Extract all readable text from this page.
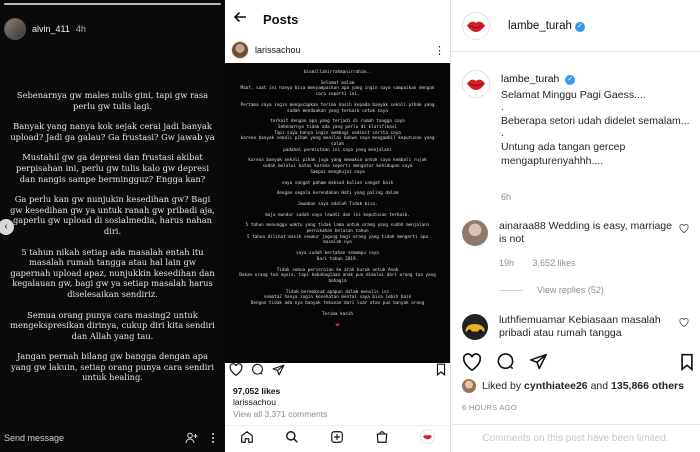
alvin_411 4h

Sebenarnya gw males nulis gini, tapi gw rasa perlu gw tulis lagi.

Banyak yang nanya kok sejak cerai jadi banyak upload? Jadi ga galau? Ga frustasi? Gw jawab ya

Mustahil gw ga depresi dan frustasi akibat perpisahan ini, perlu gw tulis kalo gw depresi dan nangis sampe bermingguz? Engga kan?

Ga perlu kan gw nunjukin kesedihan gw? Bagi gw kesedihan gw ya untuk ranah gw pribadi aja, gaperlu gw upload di sosialmedia, harus nahan diri.

5 tahun nikah setiap ada masalah entah itu masalah rumah tangga atau hal lain gw gapernah upload apaz, nunjukkin kesedihan dan kegalauan gw, bagi gw ya setiap masalah harus diselesaikan sendiriz.

Semua orang punya cara masing2 untuk mengekspresikan dirinya, cukup diri kita sendiri dan Allah yang tau.

Jangan pernah bilang gw bangga dengan apa yang gw lakuin, setiap orang punya cara sendiri untuk healing.

‹
Send message
Posts
larissachou	⋮

bismillahirrahmanirrahim..

Selamat malam
Maaf, saat ini hanya bisa menyampaikan apa yang ingin saya sampaikan dengan cara seperti ini.

Pertama saya ingin mengucapkan terima kasih kepada banyak sekali pihak yang sudah mendoakan yang terbaik untuk saya

terkait dengan apa yang terjadi di rumah tangga saya
Sebenarnya tidak ada yang perlu di klarifikasi
Tapi saya hanya ingin membagi sedikit cerita saya
karena banyak sekali pihak yang menilai bahwa saya mengambil keputusan yang salah
padahal permintaan ini saya yang menjalani

karena banyak sekali pihak juga yang memaksa untuk saya kembali rujuk
sudah melalui batas karena seperti mengatur kehidupan saya
Sampai menghujat saya

saya sangat paham maksud kalian sangat baik

dengan segala kerendahan Hati yang paling dalam

Jawaban saya adalah Tidak bisa.

maju mundur sudah saya lewati dan ini keputusan terbaik.

5 tahun menunggu waktu yang tidak lama untuk orang yang sudah menjalani pernikahan belasan tahun
5 tahun dilihat masih seumur jagung bagi orang yang tidak mengerti apa masalah nya

saya sudah bertahan semampu saya
Dari tahun 2019.

Tidak semua perceraian ke arah buruk untuk Anak
Bukan orang tua egois, tapi kebahagiaan anak pun dimulai dari orang tua yang bahagia

Tidak bermaksud apapun dalam menulis ini
semata2 hanya ingin kesehatan mental saya bisa lebih baik
Dengan tidak ada nya banyak tekanan dari luar atas pun banyak orang

Terima kasih

❤

97,052 likes
larissachou
View all 3,371 comments
lambe_turah ✓

lambe_turah ✓

Selamat Minggu Pagi Gaess....

.

Beberapa setori udah didelet semalam...

.

Untung ada tangan gercep mengapturenyahhh....

6h
ainaraa88 Wedding is easy, marriage is not
19h 3,652 likes
View replies (52)
luthfiemuamar Kebiasaan masalah pribadi atau rumah tangga
Liked by cynthiatee26 and 135,866 others
6 HOURS AGO
Comments on this post have been limited.
